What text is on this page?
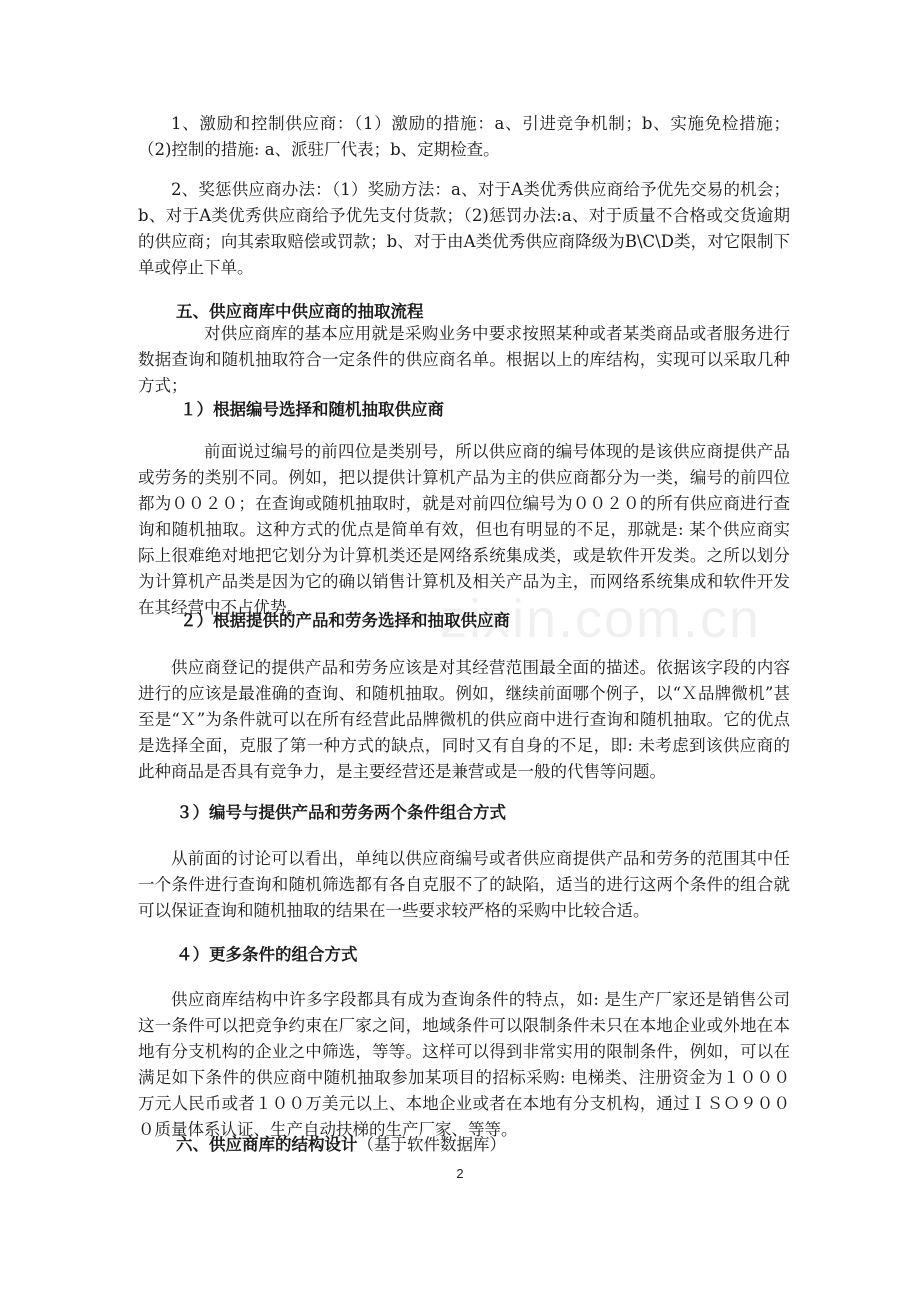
1、激励和控制供应商：（1）激励的措施：a、引进竞争机制；b、实施免检措施；（2)控制的措施: a、派驻厂代表；b、定期检查。

2、奖惩供应商办法：（1）奖励方法：a、对于A类优秀供应商给予优先交易的机会；b、对于A类优秀供应商给予优先支付货款；（2)惩罚办法:a、对于质量不合格或交货逾期的供应商；向其索取赔偿或罚款；b、对于由A类优秀供应商降级为B\C\D类，对它限制下单或停止下单。

五、供应商库中供应商的抽取流程

对供应商库的基本应用就是采购业务中要求按照某种或者某类商品或者服务进行数据查询和随机抽取符合一定条件的供应商名单。根据以上的库结构，实现可以采取几种方式；

１）根据编号选择和随机抽取供应商

前面说过编号的前四位是类别号，所以供应商的编号体现的是该供应商提供产品或劳务的类别不同。例如，把以提供计算机产品为主的供应商都分为一类，编号的前四位都为００２０；在查询或随机抽取时，就是对前四位编号为００２０的所有供应商进行查询和随机抽取。这种方式的优点是简单有效，但也有明显的不足，那就是: 某个供应商实际上很难绝对地把它划分为计算机类还是网络系统集成类，或是软件开发类。之所以划分为计算机产品类是因为它的确以销售计算机及相关产品为主，而网络系统集成和软件开发在其经营中不占优势。

２）根据提供的产品和劳务选择和抽取供应商

供应商登记的提供产品和劳务应该是对其经营范围最全面的描述。依据该字段的内容进行的应该是最准确的查询、和随机抽取。例如，继续前面哪个例子，以“Ｘ品牌微机”甚至是“Ｘ”为条件就可以在所有经营此品牌微机的供应商中进行查询和随机抽取。它的优点是选择全面，克服了第一种方式的缺点，同时又有自身的不足，即: 未考虑到该供应商的此种商品是否具有竞争力，是主要经营还是兼营或是一般的代售等问题。

３）编号与提供产品和劳务两个条件组合方式

从前面的讨论可以看出，单纯以供应商编号或者供应商提供产品和劳务的范围其中任一个条件进行查询和随机筛选都有各自克服不了的缺陷，适当的进行这两个条件的组合就可以保证查询和随机抽取的结果在一些要求较严格的采购中比较合适。

４）更多条件的组合方式

供应商库结构中许多字段都具有成为查询条件的特点，如: 是生产厂家还是销售公司这一条件可以把竞争约束在厂家之间，地域条件可以限制条件未只在本地企业或外地在本地有分支机构的企业之中筛选，等等。这样可以得到非常实用的限制条件，例如，可以在满足如下条件的供应商中随机抽取参加某项目的招标采购: 电梯类、注册资金为１０００万元人民币或者１００万美元以上、本地企业或者在本地有分支机构，通过ＩＳＯ９０００质量体系认证、生产自动扶梯的生产厂家、等等。

六、供应商库的结构设计（基于软件数据库）
2
zixin.com.cn
